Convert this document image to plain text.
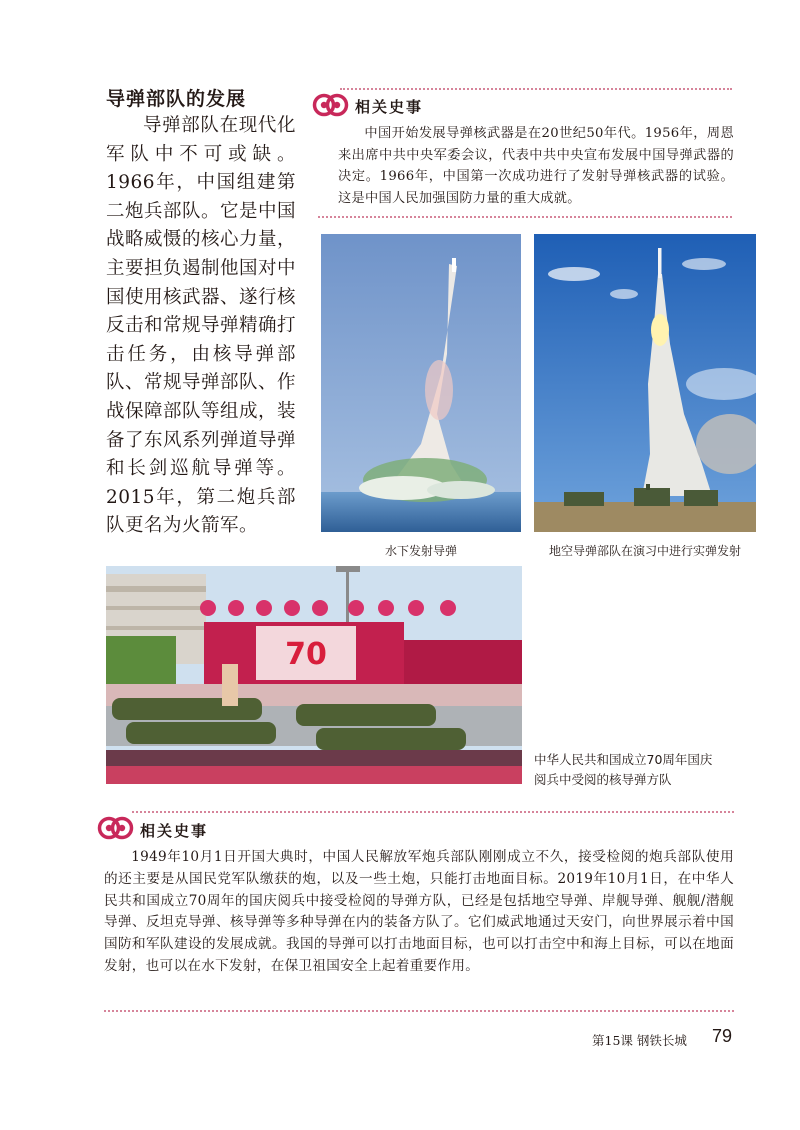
导弹部队的发展
导弹部队在现代化军队中不可或缺。1966年，中国组建第二炮兵部队。它是中国战略威慑的核心力量，主要担负遏制他国对中国使用核武器、遂行核反击和常规导弹精确打击任务，由核导弹部队、常规导弹部队、作战保障部队等组成，装备了东风系列弹道导弹和长剑巡航导弹等。2015年，第二炮兵部队更名为火箭军。
相关史事
中国开始发展导弹核武器是在20世纪50年代。1956年，周恩来出席中共中央军委会议，代表中共中央宣布发展中国导弹武器的决定。1966年，中国第一次成功进行了发射导弹核武器的试验。这是中国人民加强国防力量的重大成就。
水下发射导弹	地空导弹部队在演习中进行实弹发射
70
中华人民共和国成立70周年国庆
阅兵中受阅的核导弹方队
相关史事
1949年10月1日开国大典时，中国人民解放军炮兵部队刚刚成立不久，接受检阅的炮兵部队使用的还主要是从国民党军队缴获的炮，以及一些土炮，只能打击地面目标。2019年10月1日，在中华人民共和国成立70周年的国庆阅兵中接受检阅的导弹方队，已经是包括地空导弹、岸舰导弹、舰舰/潜舰导弹、反坦克导弹、核导弹等多种导弹在内的装备方队了。它们威武地通过天安门，向世界展示着中国国防和军队建设的发展成就。我国的导弹可以打击地面目标，也可以打击空中和海上目标，可以在地面发射，也可以在水下发射，在保卫祖国安全上起着重要作用。
第15课 钢铁长城 79
